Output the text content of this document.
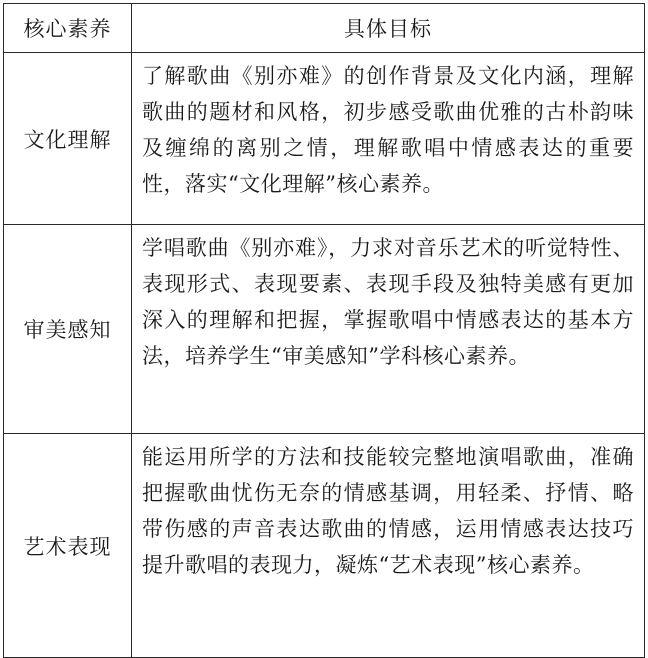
核心素养	具体目标
文化理解	了解歌曲《别亦难》的创作背景及文化内涵，理解歌曲的题材和风格，初步感受歌曲优雅的古朴韵味及缠绵的离别之情，理解歌唱中情感表达的重要性，落实“文化理解”核心素养。
审美感知	学唱歌曲《别亦难》，力求对音乐艺术的听觉特性、表现形式、表现要素、表现手段及独特美感有更加深入的理解和把握，掌握歌唱中情感表达的基本方法，培养学生“审美感知”学科核心素养。
艺术表现	能运用所学的方法和技能较完整地演唱歌曲，准确把握歌曲忧伤无奈的情感基调，用轻柔、抒情、略带伤感的声音表达歌曲的情感，运用情感表达技巧提升歌唱的表现力，凝炼“艺术表现”核心素养。
